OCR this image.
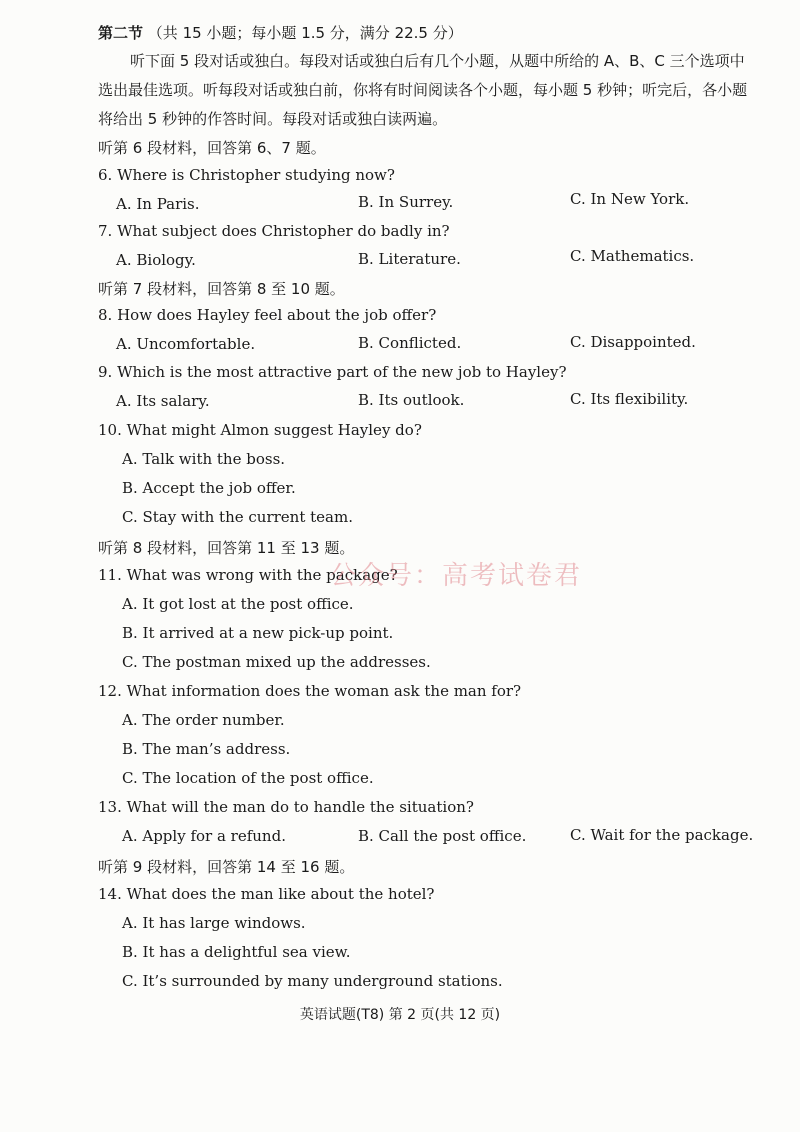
第二节 （共 15 小题；每小题 1.5 分，满分 22.5 分）
听下面 5 段对话或独白。每段对话或独白后有几个小题，从题中所给的 A、B、C 三个选项中
选出最佳选项。听每段对话或独白前，你将有时间阅读各个小题，每小题 5 秒钟；听完后，各小题
将给出 5 秒钟的作答时间。每段对话或独白读两遍。
听第 6 段材料，回答第 6、7 题。
6. Where is Christopher studying now?
A. In Paris.	B. In Surrey.	C. In New York.
7. What subject does Christopher do badly in?
A. Biology.	B. Literature.	C. Mathematics.
听第 7 段材料，回答第 8 至 10 题。
8. How does Hayley feel about the job offer?
A. Uncomfortable.	B. Conflicted.	C. Disappointed.
9. Which is the most attractive part of the new job to Hayley?
A. Its salary.	B. Its outlook.	C. Its flexibility.
10. What might Almon suggest Hayley do?
A. Talk with the boss.
B. Accept the job offer.
C. Stay with the current team.
听第 8 段材料，回答第 11 至 13 题。
11. What was wrong with the package?
A. It got lost at the post office.
B. It arrived at a new pick-up point.
C. The postman mixed up the addresses.
12. What information does the woman ask the man for?
A. The order number.
B. The man’s address.
C. The location of the post office.
13. What will the man do to handle the situation?
A. Apply for a refund.	B. Call the post office.	C. Wait for the package.
听第 9 段材料，回答第 14 至 16 题。
14. What does the man like about the hotel?
A. It has large windows.
B. It has a delightful sea view.
C. It’s surrounded by many underground stations.
公众号：高考试卷君
英语试题(T8) 第 2 页(共 12 页)
